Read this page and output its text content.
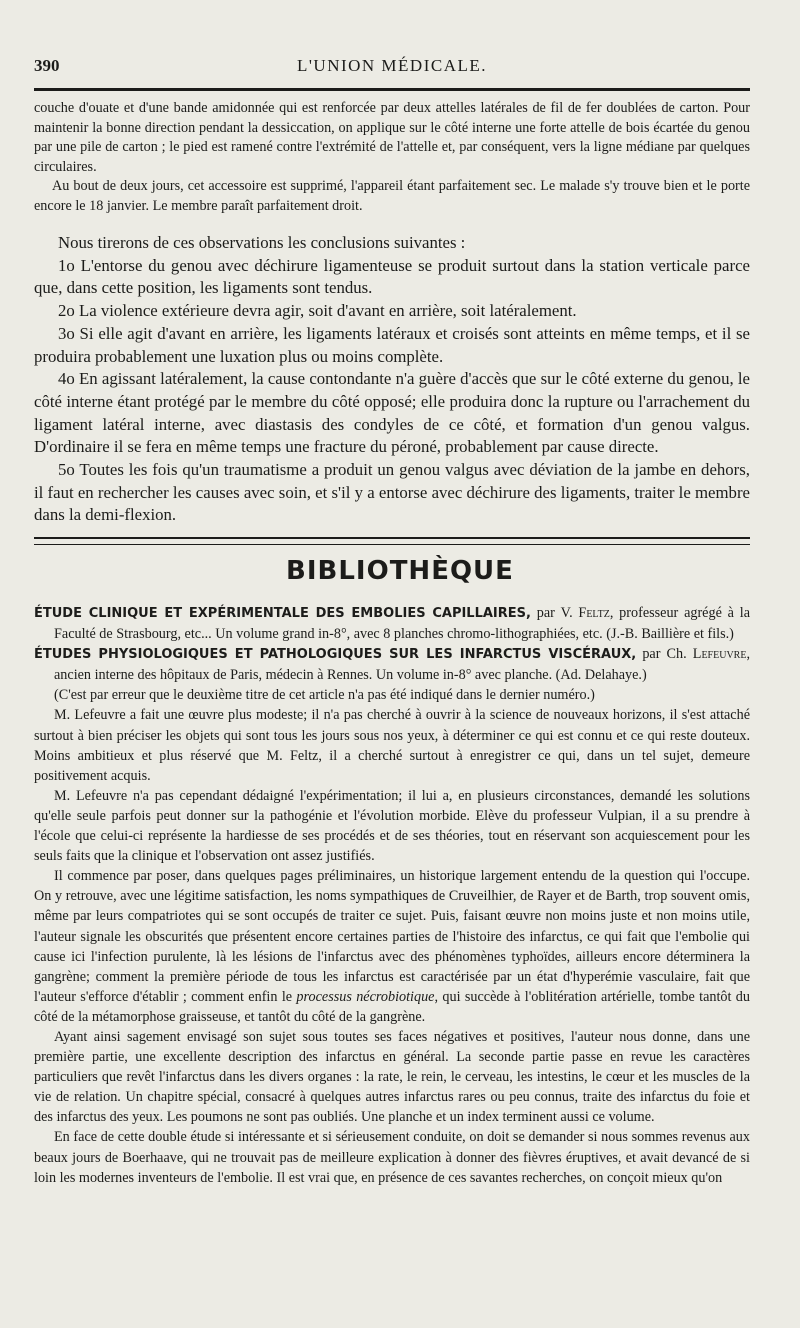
390	L'UNION MÉDICALE.

couche d'ouate et d'une bande amidonnée qui est renforcée par deux attelles latérales de fil de fer doublées de carton. Pour maintenir la bonne direction pendant la dessiccation, on applique sur le côté interne une forte attelle de bois écartée du genou par une pile de carton ; le pied est ramené contre l'extrémité de l'attelle et, par conséquent, vers la ligne médiane par quelques circulaires.

Au bout de deux jours, cet accessoire est supprimé, l'appareil étant parfaitement sec. Le malade s'y trouve bien et le porte encore le 18 janvier. Le membre paraît parfaitement droit.

Nous tirerons de ces observations les conclusions suivantes :

1o L'entorse du genou avec déchirure ligamenteuse se produit surtout dans la station verticale parce que, dans cette position, les ligaments sont tendus.

2o La violence extérieure devra agir, soit d'avant en arrière, soit latéralement.

3o Si elle agit d'avant en arrière, les ligaments latéraux et croisés sont atteints en même temps, et il se produira probablement une luxation plus ou moins complète.

4o En agissant latéralement, la cause contondante n'a guère d'accès que sur le côté externe du genou, le côté interne étant protégé par le membre du côté opposé; elle produira donc la rupture ou l'arrachement du ligament latéral interne, avec diastasis des condyles de ce côté, et formation d'un genou valgus. D'ordinaire il se fera en même temps une fracture du péroné, probablement par cause directe.

5o Toutes les fois qu'un traumatisme a produit un genou valgus avec déviation de la jambe en dehors, il faut en rechercher les causes avec soin, et s'il y a entorse avec déchirure des ligaments, traiter le membre dans la demi-flexion.

BIBLIOTHÈQUE

ÉTUDE CLINIQUE ET EXPÉRIMENTALE DES EMBOLIES CAPILLAIRES, par V. Feltz, professeur agrégé à la Faculté de Strasbourg, etc... Un volume grand in-8°, avec 8 planches chromo-lithographiées, etc. (J.-B. Baillière et fils.)

ÉTUDES PHYSIOLOGIQUES ET PATHOLOGIQUES SUR LES INFARCTUS VISCÉRAUX, par Ch. Lefeuvre, ancien interne des hôpitaux de Paris, médecin à Rennes. Un volume in-8° avec planche. (Ad. Delahaye.)

(C'est par erreur que le deuxième titre de cet article n'a pas été indiqué dans le dernier numéro.)

M. Lefeuvre a fait une œuvre plus modeste; il n'a pas cherché à ouvrir à la science de nouveaux horizons, il s'est attaché surtout à bien préciser les objets qui sont tous les jours sous nos yeux, à déterminer ce qui est connu et ce qui reste douteux. Moins ambitieux et plus réservé que M. Feltz, il a cherché surtout à enregistrer ce qui, dans un tel sujet, demeure positivement acquis.

M. Lefeuvre n'a pas cependant dédaigné l'expérimentation; il lui a, en plusieurs circonstances, demandé les solutions qu'elle seule parfois peut donner sur la pathogénie et l'évolution morbide. Elève du professeur Vulpian, il a su prendre à l'école que celui-ci représente la hardiesse de ses procédés et de ses théories, tout en réservant son acquiescement pour les seuls faits que la clinique et l'observation ont assez justifiés.

Il commence par poser, dans quelques pages préliminaires, un historique largement entendu de la question qui l'occupe. On y retrouve, avec une légitime satisfaction, les noms sympathiques de Cruveilhier, de Rayer et de Barth, trop souvent omis, même par leurs compatriotes qui se sont occupés de traiter ce sujet. Puis, faisant œuvre non moins juste et non moins utile, l'auteur signale les obscurités que présentent encore certaines parties de l'histoire des infarctus, ce qui fait que l'embolie qui cause ici l'infection purulente, là les lésions de l'infarctus avec des phénomènes typhoïdes, ailleurs encore déterminera la gangrène; comment la première période de tous les infarctus est caractérisée par un état d'hyperémie vasculaire, fait que l'auteur s'efforce d'établir ; comment enfin le processus nécrobiotique, qui succède à l'oblitération artérielle, tombe tantôt du côté de la métamorphose graisseuse, et tantôt du côté de la gangrène.

Ayant ainsi sagement envisagé son sujet sous toutes ses faces négatives et positives, l'auteur nous donne, dans une première partie, une excellente description des infarctus en général. La seconde partie passe en revue les caractères particuliers que revêt l'infarctus dans les divers organes : la rate, le rein, le cerveau, les intestins, le cœur et les muscles de la vie de relation. Un chapitre spécial, consacré à quelques autres infarctus rares ou peu connus, traite des infarctus du foie et des infarctus des yeux. Les poumons ne sont pas oubliés. Une planche et un index terminent aussi ce volume.

En face de cette double étude si intéressante et si sérieusement conduite, on doit se demander si nous sommes revenus aux beaux jours de Boerhaave, qui ne trouvait pas de meilleure explication à donner des fièvres éruptives, et avait devancé de si loin les modernes inventeurs de l'embolie. Il est vrai que, en présence de ces savantes recherches, on conçoit mieux qu'on
